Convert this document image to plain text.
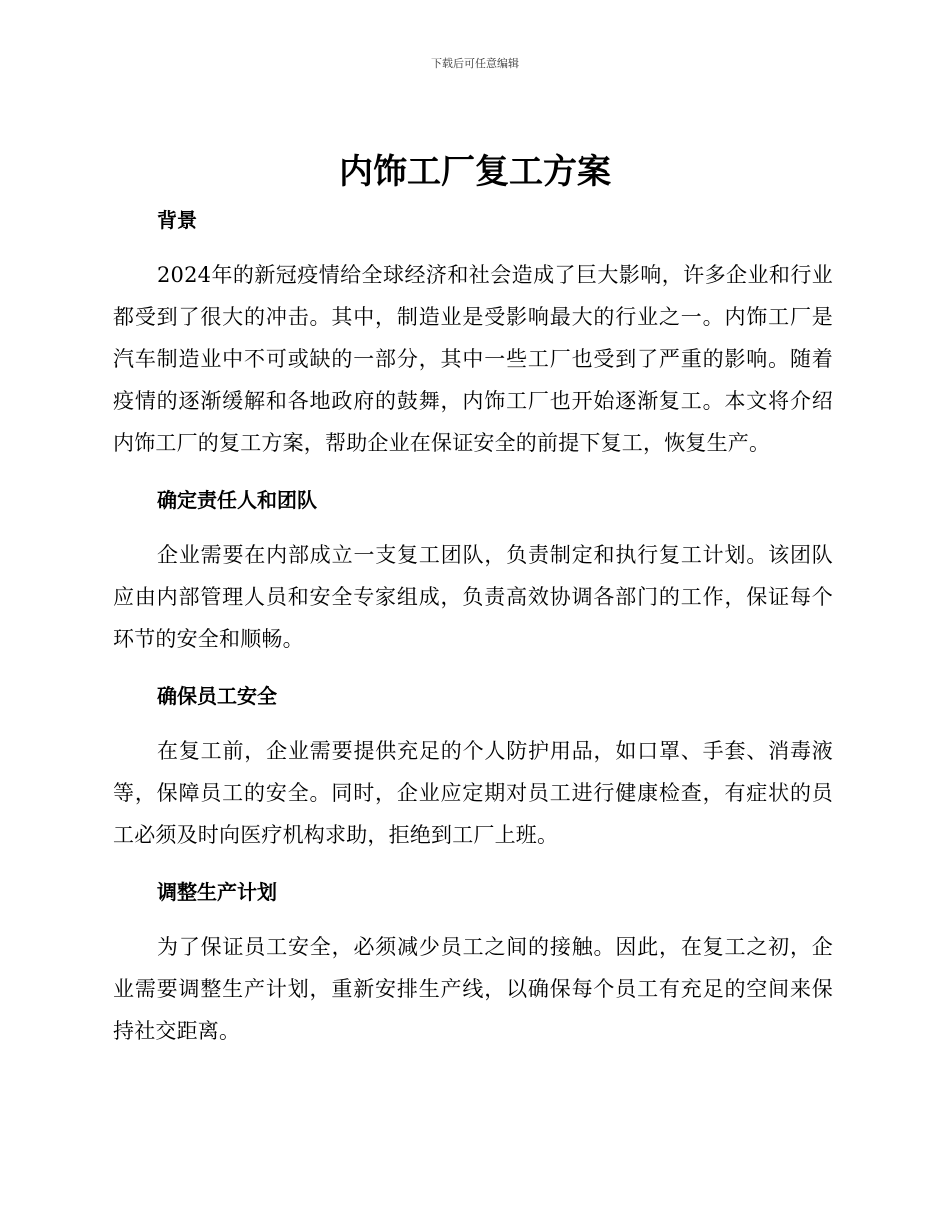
下载后可任意编辑
内饰工厂复工方案
背景

2024年的新冠疫情给全球经济和社会造成了巨大影响，许多企业和行业都受到了很大的冲击。其中，制造业是受影响最大的行业之一。内饰工厂是汽车制造业中不可或缺的一部分，其中一些工厂也受到了严重的影响。随着疫情的逐渐缓解和各地政府的鼓舞，内饰工厂也开始逐渐复工。本文将介绍内饰工厂的复工方案，帮助企业在保证安全的前提下复工，恢复生产。

确定责任人和团队

企业需要在内部成立一支复工团队，负责制定和执行复工计划。该团队应由内部管理人员和安全专家组成，负责高效协调各部门的工作，保证每个环节的安全和顺畅。

确保员工安全

在复工前，企业需要提供充足的个人防护用品，如口罩、手套、消毒液等，保障员工的安全。同时，企业应定期对员工进行健康检查，有症状的员工必须及时向医疗机构求助，拒绝到工厂上班。

调整生产计划

为了保证员工安全，必须减少员工之间的接触。因此，在复工之初，企业需要调整生产计划，重新安排生产线，以确保每个员工有充足的空间来保持社交距离。
